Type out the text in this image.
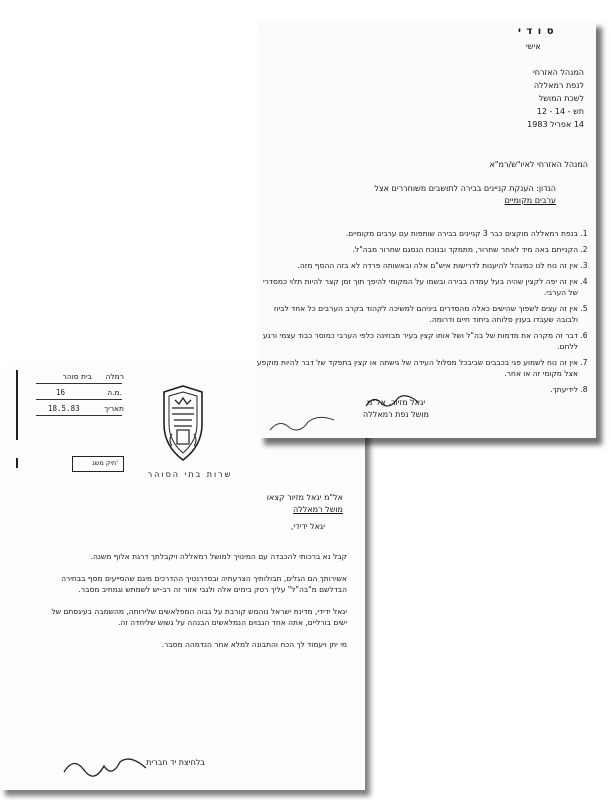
רמלה
בית סוהר
16	מ.ה.
18.5.83	תאריך
תיק משנ'
שרות בתי הסוהר
אל"מ יגאל מזיור קצאו
מושל רמאללה
יגאל ידידי,

קבל נא ברכותי להכבדה עם המינויך למושל רמאללה ויקבלתך דרגת אלוף משנה.

אשירותך הם הגלים, תבולותיך הצרעתיה ובסדרנטיך ההדרכים מיגם שהסייעים מסף בבחירה הבדלשם מ"בה"ל" עליך רטק בימים אלה ולגבי אזור זה רב-יש לשמתש וגמחיב מסבר.

יגאל ידידי, מדינת ישראל נוהמש קורבת על גבוה המפלאשים שלירותה, מהשמבה בעיגסתם של ישים בורליים, אתה אחד הגבוים הנמלאשים הבנהה על גשוש שליחדה זה.

מי יתן ויעמוד לך הכח והתבונה למלא אחר הנדמהה מסבר.

בלחיצת יד חברית
ס ו ד י
אישי
המנהל האזרחי
לנפת רמאללה
לשכת המושל
תש - 14 - 12
14 אפריל 1983
המנהל האזרחי לאיו"ש/רמ"א
הנדון: הענקת קניינים בבירה לתושבים משוחררים אצל
ערבים מקומיים
1. בנפת רמאללה מוקצים כבר 3 קניינים בבירה שותפות עם ערבים מקומיים.
2. הקנייתם באה מיד לאחר שחרור, מתמקד ובנוכח הנסגם שחרור מבה"ל.
3. אין זה נוח לנו כמיגהל להיענות לדרישות איש"ם אלה ובאשותה פרדה לא בזה ההסף מזה.
4. אין זה יפה לקצין שהיה בעל עמדה בבירה ובשמו על המקומי להיפך תוך זמן קצר להיות תלוי כמסדרי של הערבי.
5. אין זה עצים לשפוך שהישים כאלה מהסדרים ביניהם למשיכה לקהוד בקרב הערבים כל אחד לביוז ולבובה שעבדו בענין סלוחה ביחוד חיים ודרומה.
6. דבר זה מקרה את מדמות של בה"ל ושל אותו קצין בעיר מבחינה כלפי הערבי כמוסר כבוד עצמי ורגע ללחם.
7. אין זה נוח לשמוע פגי בכבבים שביבכל מסלול העידה של גישתה או קצין בתפקד של דבר להיות מוקפע אצל מקומי זה או אחר.
8. לידיעתך.
יגאל מזיור, אל"מ
מושל נפת רמאללה
